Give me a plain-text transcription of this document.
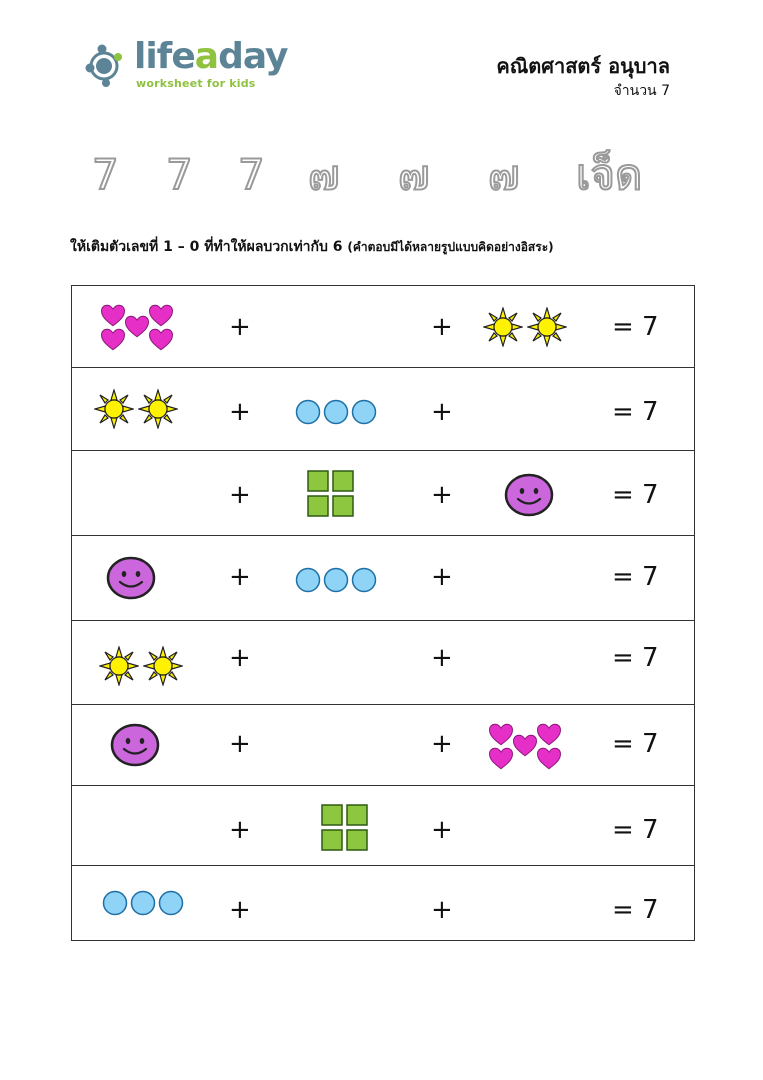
lifeaday
worksheet for kids
คณิตศาสตร์ อนุบาล
จำนวน 7
7 7 7 ๗ ๗ ๗ เจ็ด
ให้เติมตัวเลขที่ 1 – 0 ที่ทำให้ผลบวกเท่ากับ 6 (คำตอบมีได้หลายรูปแบบคิดอย่างอิสระ)
+	+	= 7
+	+	= 7
+	+	= 7
+	+	= 7
+	+	= 7
+	+	= 7
+	+	= 7
+	+	= 7
